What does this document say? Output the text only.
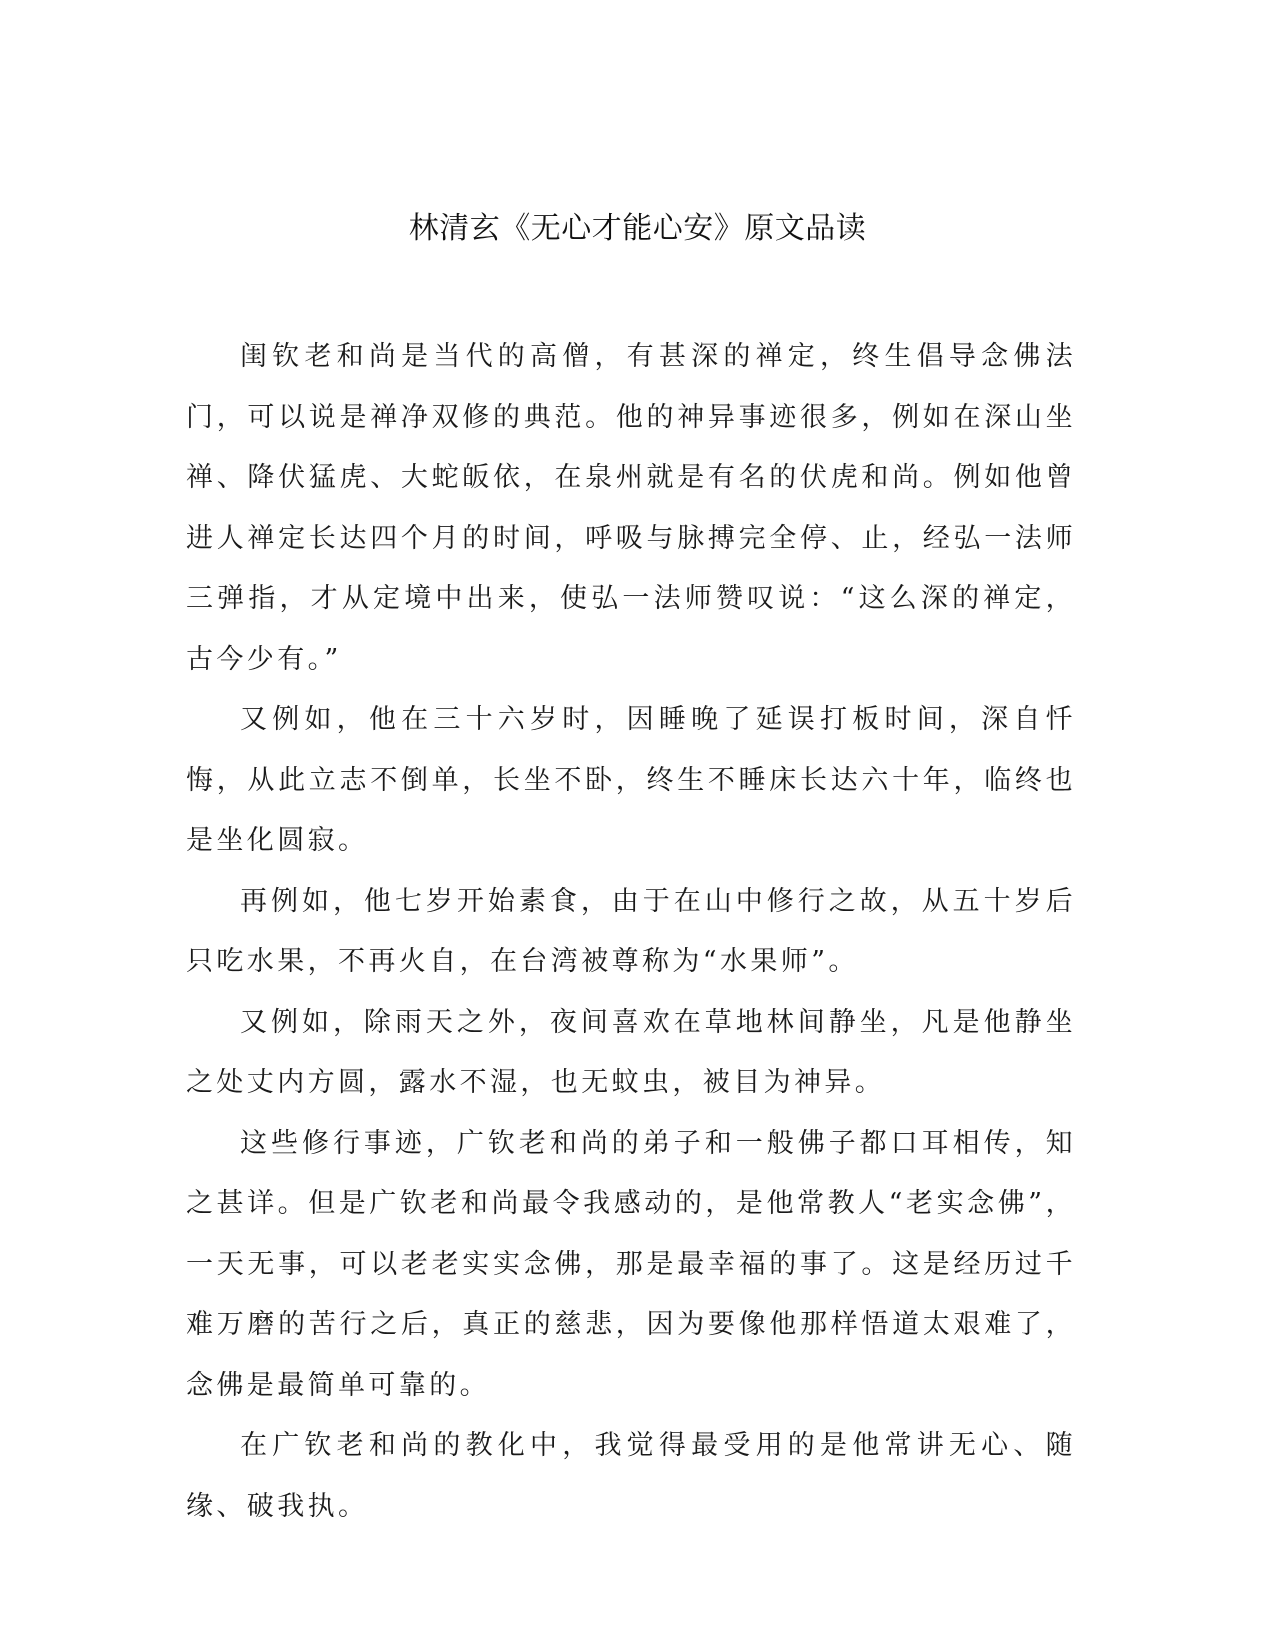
林清玄《无心才能心安》原文品读

闺钦老和尚是当代的高僧，有甚深的禅定，终生倡导念佛法门，可以说是禅净双修的典范。他的神异事迹很多，例如在深山坐禅、降伏猛虎、大蛇皈依，在泉州就是有名的伏虎和尚。例如他曾进人禅定长达四个月的时间，呼吸与脉搏完全停、止，经弘一法师三弹指，才从定境中出来，使弘一法师赞叹说：“这么深的禅定，古今少有。”

又例如，他在三十六岁时，因睡晚了延误打板时间，深自忏悔，从此立志不倒单，长坐不卧，终生不睡床长达六十年，临终也是坐化圆寂。

再例如，他七岁开始素食，由于在山中修行之故，从五十岁后只吃水果，不再火自，在台湾被尊称为“水果师”。

又例如，除雨天之外，夜间喜欢在草地林间静坐，凡是他静坐之处丈内方圆，露水不湿，也无蚊虫，被目为神异。

这些修行事迹，广钦老和尚的弟子和一般佛子都口耳相传，知之甚详。但是广钦老和尚最令我感动的，是他常教人“老实念佛”，一天无事，可以老老实实念佛，那是最幸福的事了。这是经历过千难万磨的苦行之后，真正的慈悲，因为要像他那样悟道太艰难了，念佛是最简单可靠的。

在广钦老和尚的教化中，我觉得最受用的是他常讲无心、随缘、破我执。
